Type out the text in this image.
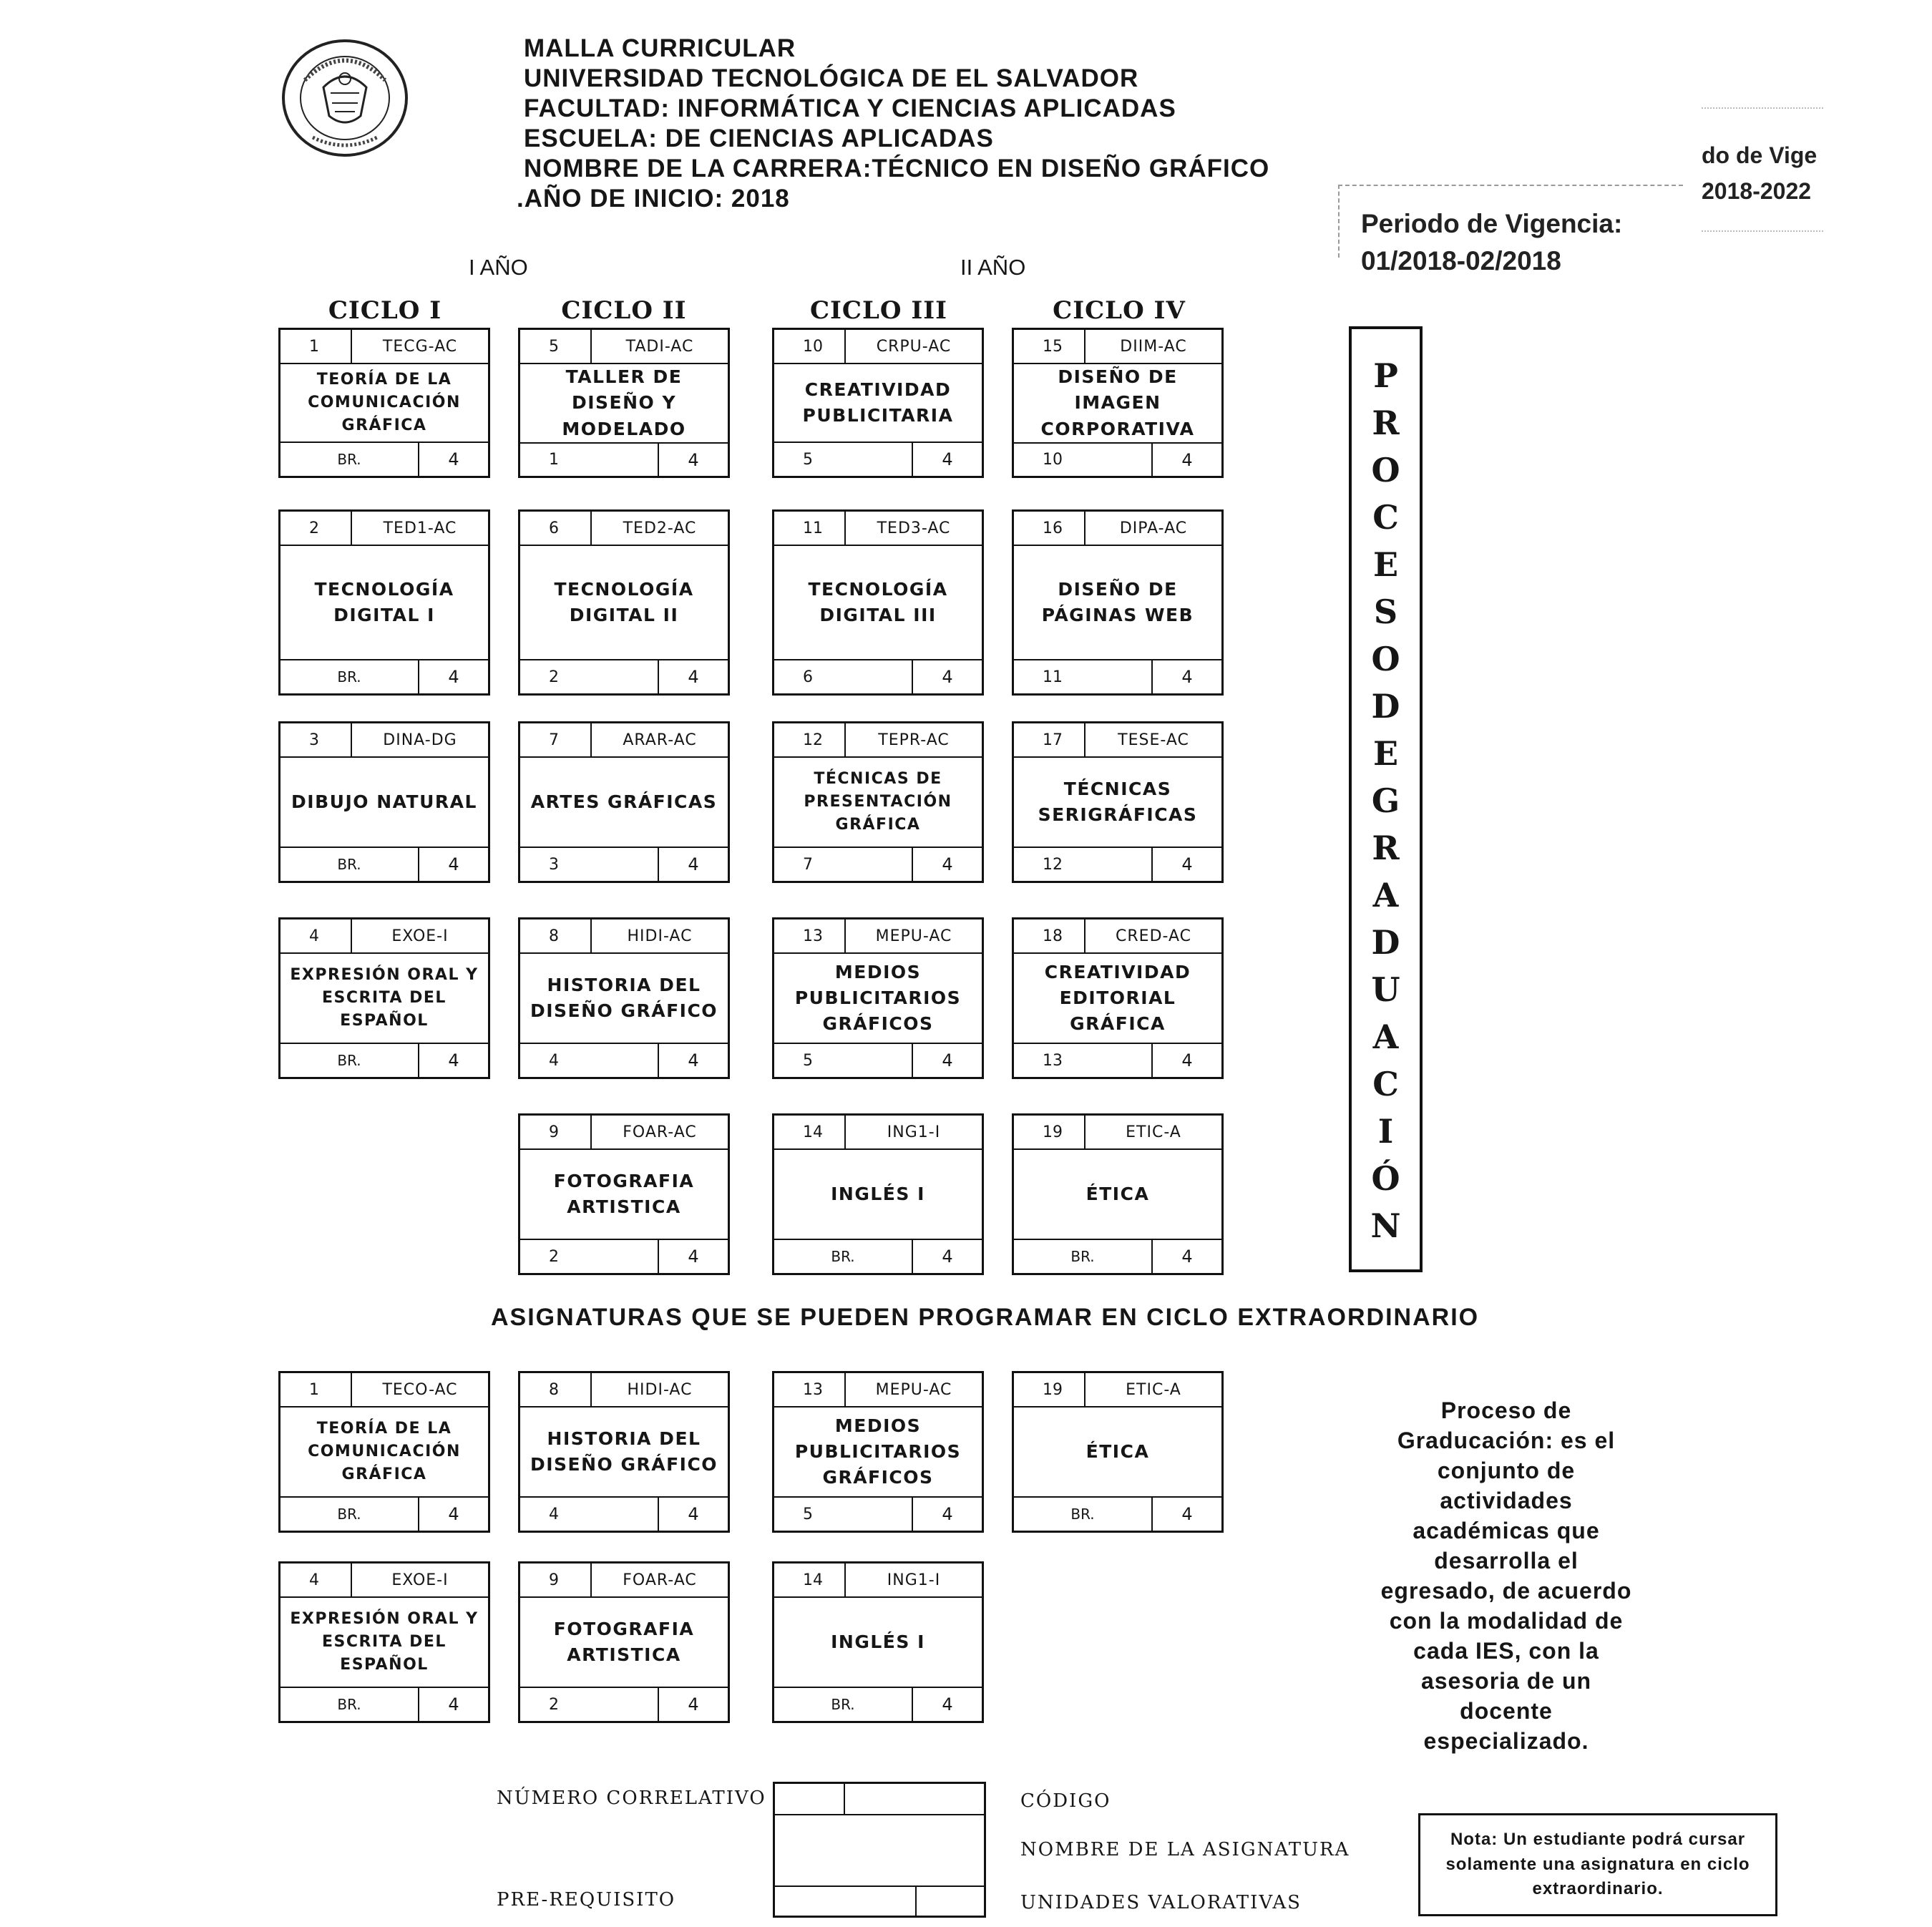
MALLA CURRICULAR
UNIVERSIDAD TECNOLÓGICA DE EL SALVADOR
FACULTAD: INFORMÁTICA Y CIENCIAS APLICADAS
ESCUELA: DE CIENCIAS APLICADAS
NOMBRE DE LA CARRERA:TÉCNICO EN DISEÑO GRÁFICO
.AÑO DE INICIO: 2018
do de Vige
2018-2022
Periodo de Vigencia:
01/2018-02/2018
I AÑO	II AÑO
CICLO I	CICLO II	CICLO III	CICLO IV
1	TECG-AC
TEORÍA DE LA
COMUNICACIÓN
GRÁFICA
BR.	4
2	TED1-AC
TECNOLOGÍA
DIGITAL I
BR.	4
3	DINA-DG
DIBUJO NATURAL
BR.	4
4	EXOE-I
EXPRESIÓN ORAL Y
ESCRITA DEL
ESPAÑOL
BR.	4
5	TADI-AC
TALLER DE
DISEÑO Y
MODELADO
1	4
6	TED2-AC
TECNOLOGÍA
DIGITAL II
2	4
7	ARAR-AC
ARTES GRÁFICAS
3	4
8	HIDI-AC
HISTORIA DEL
DISEÑO GRÁFICO
4	4
9	FOAR-AC
FOTOGRAFIA
ARTISTICA
2	4
10	CRPU-AC
CREATIVIDAD
PUBLICITARIA
5	4
11	TED3-AC
TECNOLOGÍA
DIGITAL III
6	4
12	TEPR-AC
TÉCNICAS DE
PRESENTACIÓN
GRÁFICA
7	4
13	MEPU-AC
MEDIOS
PUBLICITARIOS
GRÁFICOS
5	4
14	ING1-I
INGLÉS I
BR.	4
15	DIIM-AC
DISEÑO DE
IMAGEN
CORPORATIVA
10	4
16	DIPA-AC
DISEÑO DE
PÁGINAS WEB
11	4
17	TESE-AC
TÉCNICAS
SERIGRÁFICAS
12	4
18	CRED-AC
CREATIVIDAD
EDITORIAL
GRÁFICA
13	4
19	ETIC-A
ÉTICA
BR.	4
P
R
O
C
E
S
O
D
E
G
R
A
D
U
A
C
I
Ó
N
ASIGNATURAS QUE SE PUEDEN PROGRAMAR EN CICLO EXTRAORDINARIO
1	TECO-AC
TEORÍA DE LA
COMUNICACIÓN
GRÁFICA
BR.	4
8	HIDI-AC
HISTORIA DEL
DISEÑO GRÁFICO
4	4
13	MEPU-AC
MEDIOS
PUBLICITARIOS
GRÁFICOS
5	4
19	ETIC-A
ÉTICA
BR.	4
4	EXOE-I
EXPRESIÓN ORAL Y
ESCRITA DEL
ESPAÑOL
BR.	4
9	FOAR-AC
FOTOGRAFIA
ARTISTICA
2	4
14	ING1-I
INGLÉS I
BR.	4
Proceso de
Graducación: es el
conjunto de
actividades
académicas que
desarrolla el
egresado, de acuerdo
con la modalidad de
cada IES, con la
asesoria de un
docente
especializado.
NÚMERO CORRELATIVO	CÓDIGO
NOMBRE DE LA ASIGNATURA
PRE-REQUISITO	UNIDADES VALORATIVAS
Nota: Un estudiante podrá cursar solamente una asignatura en ciclo extraordinario.
